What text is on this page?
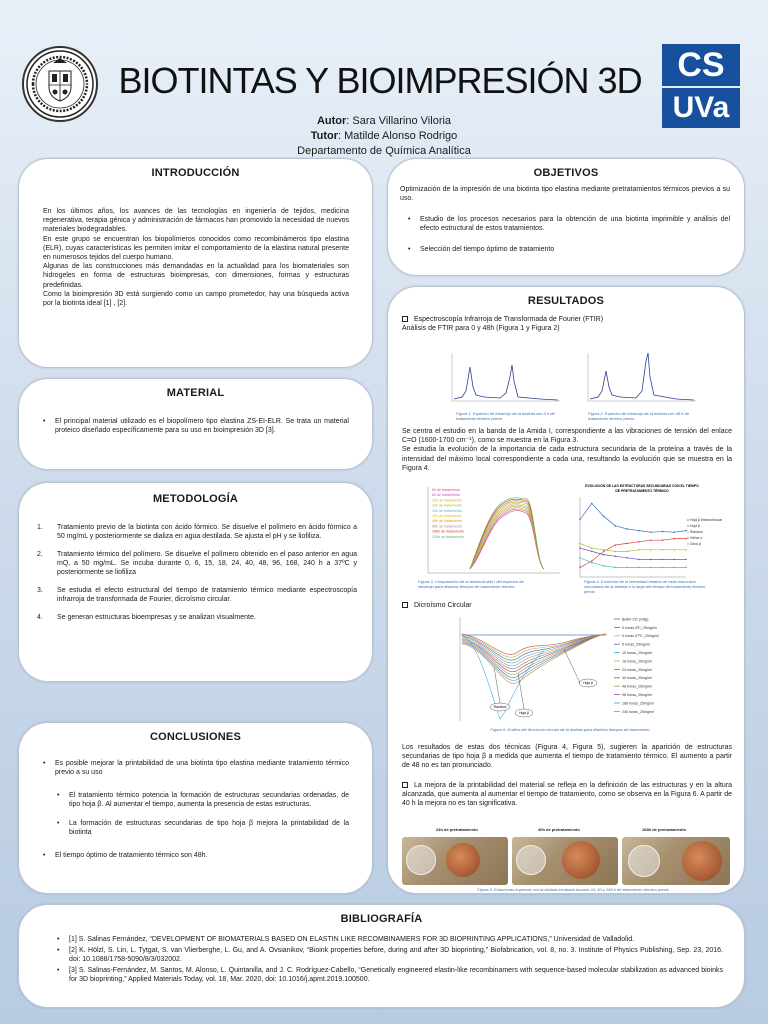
CS
UVa
BIOTINTAS Y BIOIMPRESIÓN 3D
Autor: Sara Villarino Viloria
Tutor: Matilde Alonso Rodrigo
Departamento de Química Analítica
INTRODUCCIÓN

En los últimos años, los avances de las tecnologías en ingeniería de tejidos, medicina regenerativa, terapia génica y administración de fármacos han promovido la necesidad de nuevos materiales biodegradables.

En este grupo se encuentran los biopolímeros conocidos como recombinámeros tipo elastina (ELR), cuyas características les permiten imitar el comportamiento de la elastina natural presente en numerosos tejidos del cuerpo humano.

Algunas de las construcciones más demandadas en la actualidad para los biomateriales son hidrogeles en forma de estructuras bioimpresas, con dimensiones, formas y estructuras predefinidas.

Como la bioimpresión 3D está surgiendo como un campo prometedor, hay una búsqueda activa por la biotinta ideal [1] , [2].

MATERIAL
• El principal material utilizado es el biopolímero tipo elastina ZS-EI-ELR. Se trata un material proteico diseñado específicamente para su uso en bioimpresión 3D [3].
METODOLOGÍA
1. Tratamiento previo de la biotinta con ácido fórmico. Se disuelve el polímero en ácido fórmico a 50 mg/mL y posteriormente se dializa en agua destilada. Se ajusta el pH y se liofiliza.
2. Tratamiento térmico del polímero. Se disuelve el polímero obtenido en el paso anterior en agua mQ, a 50 mg/mL. Se incuba durante 0, 6, 15, 18, 24, 40, 48, 96, 168, 240 h a 37ºC y posteriormente se liofiliza
3. Se estudia el efecto estructural del tiempo de tratamiento térmico mediante espectroscopía infrarroja de transformada de Fourier, dicroísmo circular.
4. Se generan estructuras bioempresas y se analizan visualmente.
CONCLUSIONES
• Es posible mejorar la printabilidad de una biotinta tipo elastina mediante tratamiento térmico previo a su uso
• El tratamiento térmico potencia la formación de estructuras secundarias ordenadas, de tipo hoja β. Al aumentar el tiempo, aumenta la presencia de estas estructuras.
• La formación de estructuras secundarias de tipo hoja β mejora la printabilidad de la biotinta
• El tiempo óptimo de tratamiento térmico son 48h.
OBJETIVOS
Optimización de la impresión de una biotinta tipo elastina mediante pretratamientos térmicos previos a su uso.
• Estudio de los procesos necesarios para la obtención de una biotinta imprimible y análisis del efecto estructural de estos tratamientos.
• Selección del tiempo óptimo de tratamiento
RESULTADOS
Espectroscopía Infrarroja de Transformada de Fourier (FTIR)
Análisis de FTIR para 0 y 48h (Figura 1 y Figura 2)
Figura 1. Espectro de infrarrojo de la biotinta con 0 h de tratamiento térmico previo
Figura 2. Espectro de infrarrojo de la biotinta con 48 h de tratamiento térmico previo

Se centra el estudio en la banda de la Amida I, correspondiente a las vibraciones de tensión del enlace C=O (1600-1700 cm⁻¹), como se muestra en la Figura 3.

Se estudia la evolución de la importancia de cada estructura secundaria de la proteína a través de la intensidad del máximo local correspondiente a cada una, resultando la evolución que se muestra en la Figura 4.

0h de tratamiento
6h de tratamiento
15h de tratamiento
18h de tratamiento
24h de tratamiento
40h de tratamiento
48h de tratamiento
96h de tratamiento
168h de tratamiento
240h de tratamiento
Figura 3. Comparación de la banda Amida I del espectro de infrarrojo para distintos tiempos de tratamiento térmico
EVOLUCIÓN DE LAS ESTRUCTURAS SECUNDARIAS CON EL TIEMPO
DE PRETRATAMIENTO TÉRMICO
Hoja β intramolecular
Hoja β
Random
Hélice α
Giros β
Figura 4. Evolución de la intensidad relativa de cada estructura secundaria de la biotinta a lo largo del tiempo de tratamiento térmico previo
Dicroísmo Circular
Buffer CD (milig)
0 horas 4ºC_25mg/ml
0 horas 37ºC_25mg/ml
6 horas_25mg/ml
15 horas_25mg/ml
18 horas_25mg/ml
24 horas_25mg/ml
40 horas_25mg/ml
48 horas_25mg/ml
96 horas_25mg/ml
168 horas_25mg/ml
240 horas_25mg/ml
Random
Hoja β
Hoja β
Figura 5. Gráfico del dicroísmo circular de la biotinta para distintos tiempos de tratamiento
Los resultados de estas dos técnicas (Figura 4, Figura 5), sugieren la aparición de estructuras secundarias de tipo hoja β a medida que aumenta el tiempo de tratamiento térmico. El aumento a partir de 48 no es tan pronunciado.
La mejora de la printabilidad del material se refleja en la definición de las estructuras y en la altura alcanzada, que aumenta al aumentar el tiempo de tratamiento, como se observa en la Figura 6. A partir de 40 h la mejora no es tan significativa.
24h de pretratamiento	40h de pretratamiento	168h de pretratamiento
Figura 6. Estructuras impresas con la biotinta incubada durante 24, 40 y 168 h de tratamiento térmico previo
BIBLIOGRAFÍA
• [1] S. Salinas Fernández, “DEVELOPMENT OF BIOMATERIALS BASED ON ELASTIN LIKE RECOMBINAMERS FOR 3D BIOPRINTING APPLICATIONS,” Universidad de Valladolid.
• [2] K. Hölzl, S. Lin, L. Tytgat, S. van Vlierberghe, L. Gu, and A. Ovsianikov, “Bioink properties before, during and after 3D bioprinting,” Biofabrication, vol. 8, no. 3. Institute of Physics Publishing, Sep. 23, 2016. doi: 10.1088/1758-5090/8/3/032002.
• [3] S. Salinas-Fernández, M. Santos, M. Alonso, L. Quintanilla, and J. C. Rodríguez-Cabello, “Genetically engineered elastin-like recombinamers with sequence-based molecular stabilization as advanced bioinks for 3D bioprinting,” Applied Materials Today, vol. 18, Mar. 2020, doi: 10.1016/j.apmt.2019.100500.
